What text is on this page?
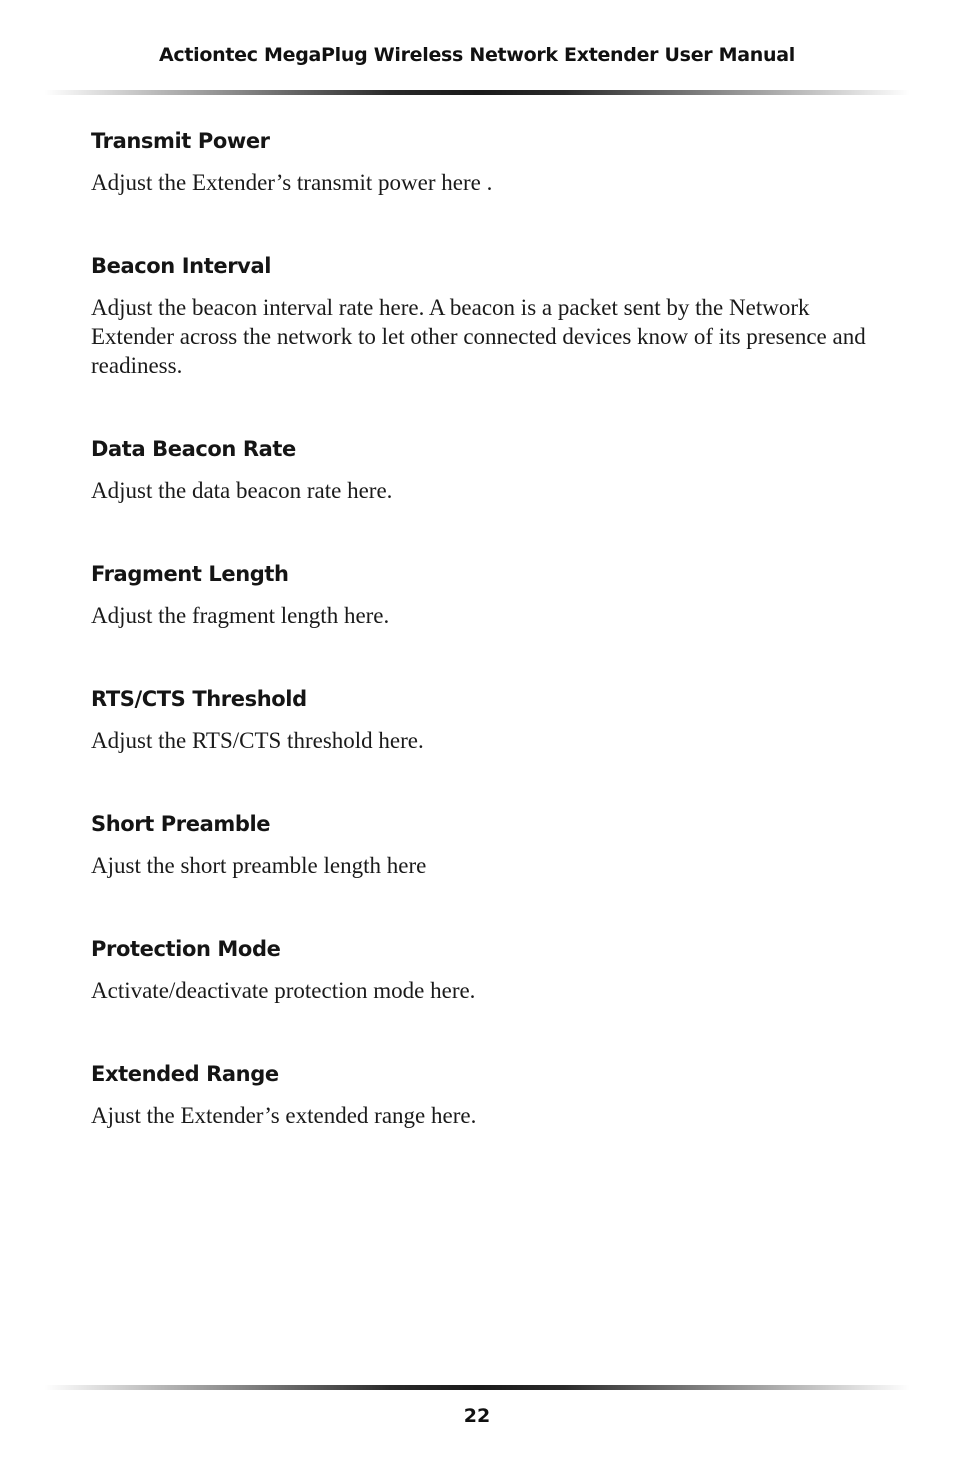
Actiontec MegaPlug Wireless Network Extender User Manual
Transmit Power

Adjust the Extender’s transmit power here .

Beacon Interval

Adjust the beacon interval rate here. A beacon is a packet sent by the Network Extender across the network to let other connected devices know of its presence and readiness.

Data Beacon Rate

Adjust the data beacon rate here.

Fragment Length

Adjust the fragment length here.

RTS/CTS Threshold

Adjust the RTS/CTS threshold here.

Short Preamble

Ajust the short preamble length here

Protection Mode

Activate/deactivate protection mode here.

Extended Range

Ajust the Extender’s extended range here.

22
